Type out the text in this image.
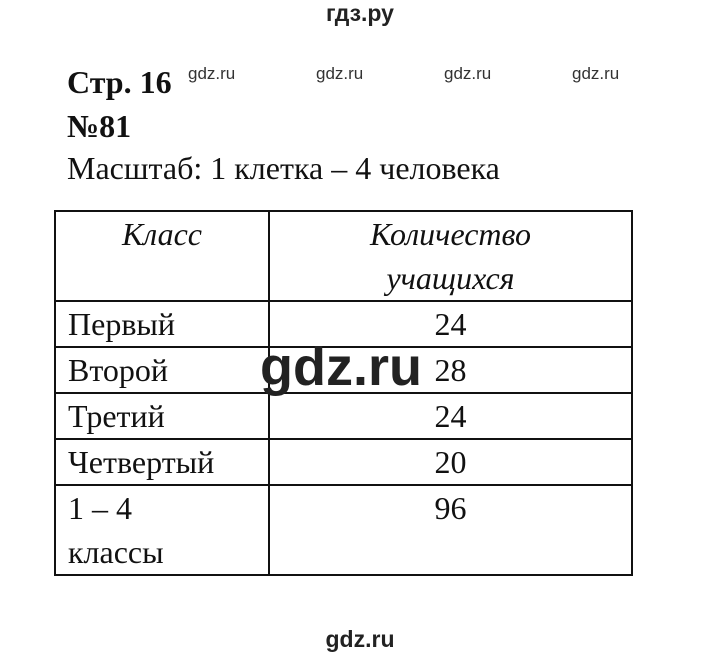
гдз.ру
Стр. 16 gdz.ru	gdz.ru	gdz.ru	gdz.ru
№81
Масштаб: 1 клетка – 4 человека
Класс	Количество
учащихся

Первый	24
Второй	28
Третий	24
Четвертый	20

1 – 4
классы	96
gdz.ru
gdz.ru
